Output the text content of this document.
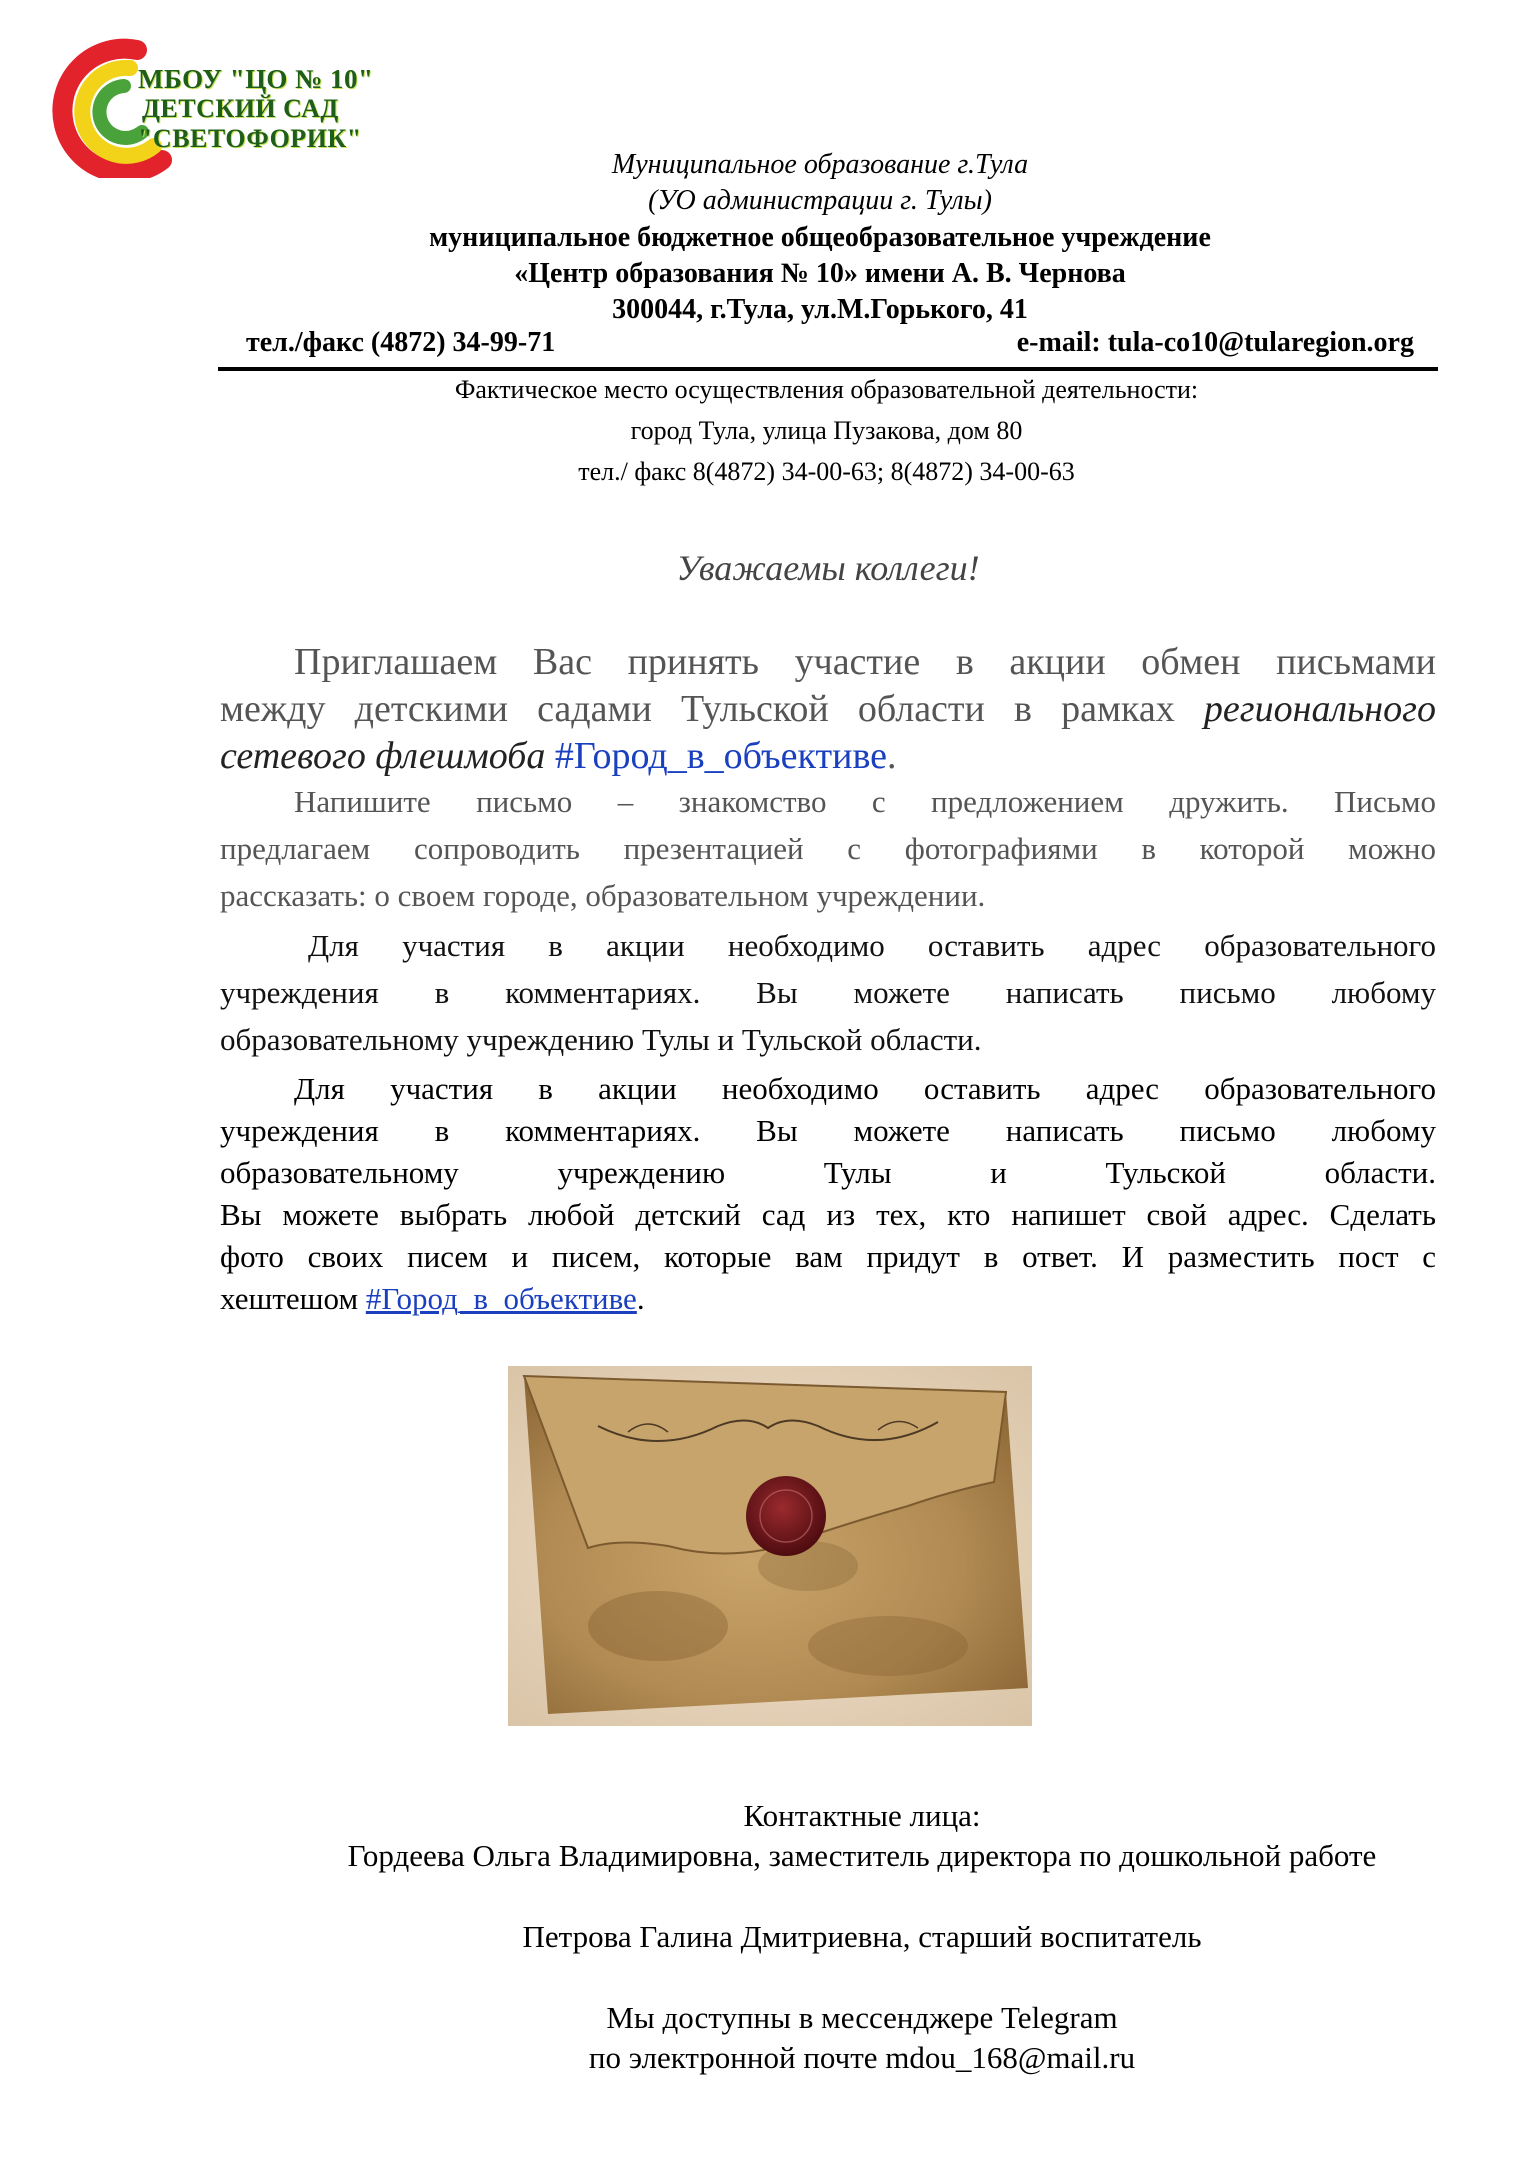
МБОУ "ЦО № 10"
ДЕТСКИЙ САД
"СВЕТОФОРИК"
Муниципальное образование г.Тула
(УО администрации г. Тулы)
муниципальное бюджетное общеобразовательное учреждение
«Центр образования № 10» имени А. В. Чернова
300044, г.Тула, ул.М.Горького, 41
тел./факс (4872) 34-99-71	e-mail: tula-co10@tularegion.org
Фактическое место осуществления образовательной деятельности:
город Тула, улица Пузакова, дом 80
тел./ факс 8(4872) 34-00-63; 8(4872) 34-00-63
Уважаемы коллеги!
Приглашаем Вас принять участие в акции обмен письмами
между детскими садами Тульской области в рамках регионального
сетевого флешмоба #Город_в_объективе.
Напишите письмо – знакомство с предложением дружить. Письмо
предлагаем сопроводить презентацией с фотографиями в которой можно
рассказать: о своем городе, образовательном учреждении.
Для участия в акции необходимо оставить адрес образовательного
учреждения в комментариях. Вы можете написать письмо любому
образовательному учреждению Тулы и Тульской области.
Для участия в акции необходимо оставить адрес образовательного
учреждения в комментариях. Вы можете написать письмо любому
образовательному учреждению Тулы и Тульской области.
Вы можете выбрать любой детский сад из тех, кто напишет свой адрес. Сделать
фото своих писем и писем, которые вам придут в ответ. И разместить пост с
хештешом #Город_в_объективе.
Контактные лица:
Гордеева Ольга Владимировна, заместитель директора по дошкольной работе
Петрова Галина Дмитриевна, старший воспитатель
Мы доступны в мессенджере Telegram
по электронной почте mdou_168@mail.ru
